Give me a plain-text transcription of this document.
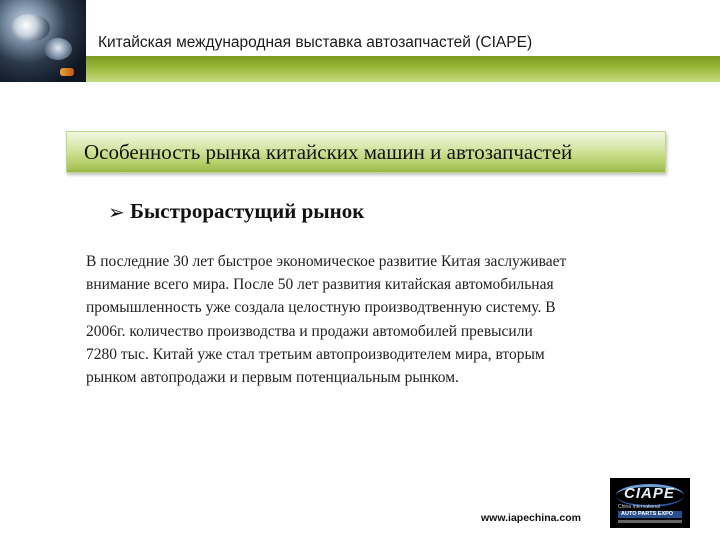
Китайская международная выставка автозапчастей (CIAPE)
Особенность рынка китайских машин и автозапчастей
➢ Быстрорастущий рынок
В последние 30 лет быстрое экономическое развитие Китая заслуживает
внимание всего мира. После 50 лет развития китайская автомобильная
промышленность уже создала целостную производтвенную систему. В
2006г. количество производства и продажи автомобилей превысили
7280 тыс. Китай уже стал третьим автопроизводителем мира, вторым
рынком автопродажи и первым потенциальным рынком.
www.iapechina.com
CIAPE
China International
AUTO PARTS EXPO
